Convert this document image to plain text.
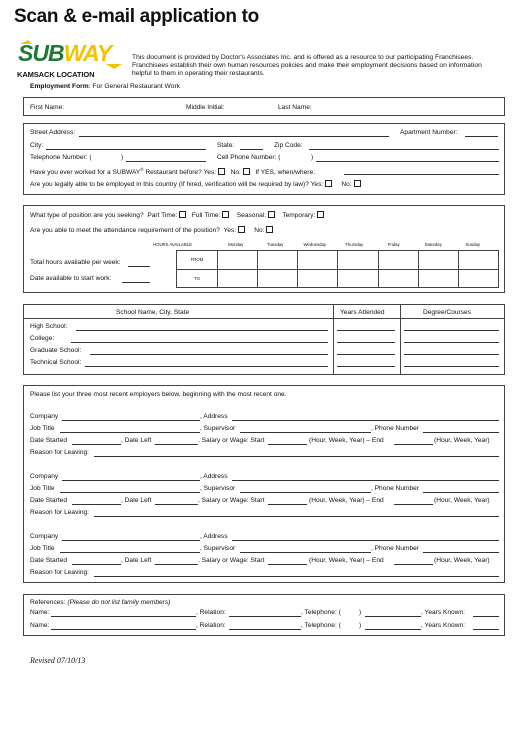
Scan & e-mail application to
SUBWAY
KAMSACK LOCATION
This document is provided by Doctor's Associates Inc. and is offered as a resource to our participating Franchisees. Franchisees establish their own human resources policies and make their employment decisions based on information helpful to them in operating their restaurants.
Employment Form: For General Restaurant Work
First Name:	Middle Initial:	Last Name:
Street Address:	Apartment Number:
City:	State:	Zip Code:
Telephone Number: (	)	Cell Phone Number: (	)
Have you ever worked for a SUBWAY® Restaurant before? Yes: No: If YES, when/where:
Are you legally able to be employed in this country (If hired, verification will be required by law)? Yes:	No:
What type of position are you seeking? Part Time: Full Time: Seasonal: Temporary:
Are you able to meet the attendance requirement of the position? Yes:	No:
HOURS AVAILABLE	Monday	Tuesday	Wednesday	Thursday	Friday	Saturday	Sunday
FROM							
TO							
Total hours available per week:
Date available to start work:
School Name, City, State	Years Attended	Degree/Courses
High School:
College:
Graduate School:
Technical School:
Please list your three most recent employers below, beginning with the most recent one.
Company	, Address
Job Title	, Supervisor	, Phone Number
Date Started	, Date Left	, Salary or Wage: Start	(Hour, Week, Year) – End	(Hour, Week, Year)
Reason for Leaving:
Company	, Address
Job Title	, Supervisor	, Phone Number
Date Started	, Date Left	, Salary or Wage: Start	(Hour, Week, Year) – End	(Hour, Week, Year)
Reason for Leaving:
Company	, Address
Job Title	, Supervisor	, Phone Number
Date Started	, Date Left	, Salary or Wage: Start	(Hour, Week, Year) – End	(Hour, Week, Year)
Reason for Leaving:
References: (Please do not list family members)
Name:	, Relation:	, Telephone: (	)	, Years Known:
Name:	, Relation:	, Telephone: (	)	, Years Known:
Revised 07/10/13
